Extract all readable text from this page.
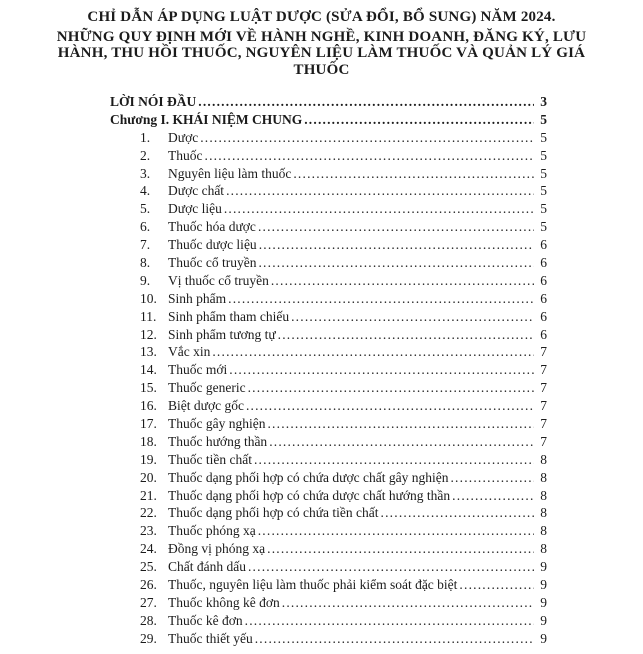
CHỈ DẪN ÁP DỤNG LUẬT DƯỢC (SỬA ĐỔI, BỔ SUNG) NĂM 2024.
NHỮNG QUY ĐỊNH MỚI VỀ HÀNH NGHỀ, KINH DOANH, ĐĂNG KÝ, LƯU HÀNH, THU HỒI THUỐC, NGUYÊN LIỆU LÀM THUỐC VÀ QUẢN LÝ GIÁ THUỐC
LỜI NÓI ĐẦU .....	3
Chương I. KHÁI NIỆM CHUNG .....	5
1.	Dược .....	5
2.	Thuốc .....	5
3.	Nguyên liệu làm thuốc .....	5
4.	Dược chất .....	5
5.	Dược liệu .....	5
6.	Thuốc hóa dược .....	5
7.	Thuốc dược liệu .....	6
8.	Thuốc cổ truyền .....	6
9.	Vị thuốc cổ truyền .....	6
10. Sinh phẩm .....	6
11. Sinh phẩm tham chiếu .....	6
12. Sinh phẩm tương tự .....	6
13. Vắc xin .....	7
14. Thuốc mới .....	7
15. Thuốc generic .....	7
16. Biệt dược gốc .....	7
17. Thuốc gây nghiện .....	7
18. Thuốc hướng thần .....	7
19. Thuốc tiền chất .....	8
20. Thuốc dạng phối hợp có chứa dược chất gây nghiện .....	8
21. Thuốc dạng phối hợp có chứa dược chất hướng thần .....	8
22. Thuốc dạng phối hợp có chứa tiền chất .....	8
23. Thuốc phóng xạ .....	8
24. Đồng vị phóng xạ .....	8
25. Chất đánh dấu .....	9
26. Thuốc, nguyên liệu làm thuốc phải kiểm soát đặc biệt .....	9
27. Thuốc không kê đơn .....	9
28. Thuốc kê đơn .....	9
29. Thuốc thiết yếu .....	9
